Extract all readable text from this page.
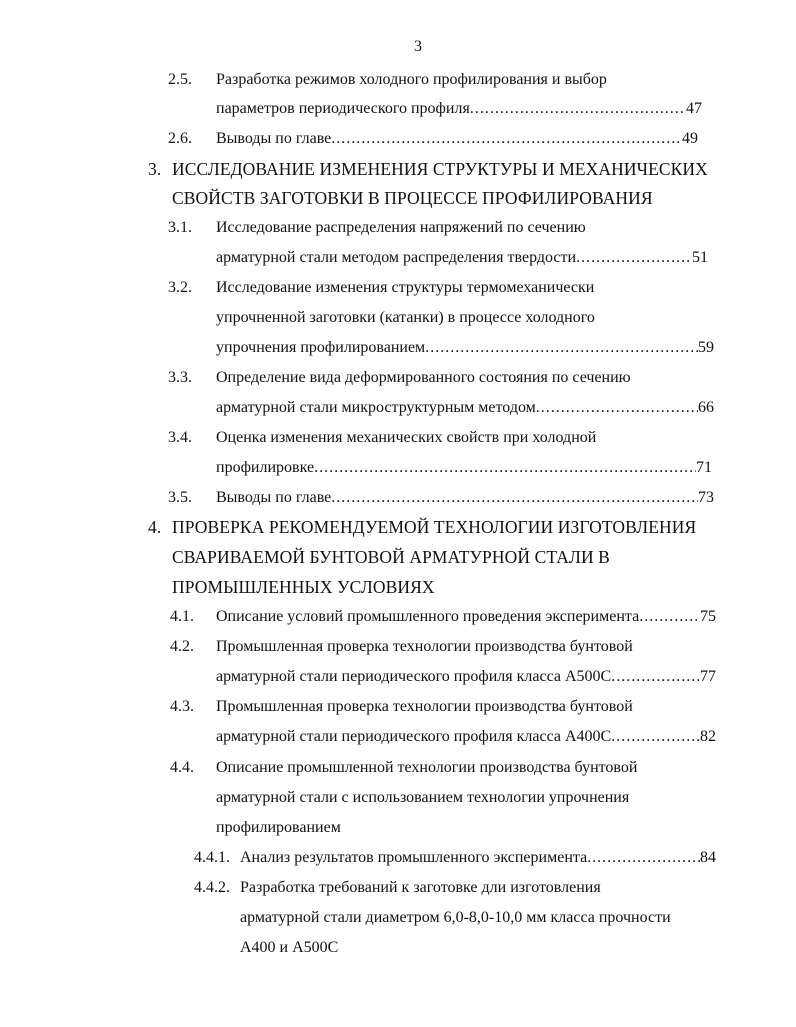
3
2.5. Разработка режимов холодного профилирования и выбор
параметров периодического профиля .....	47
2.6. Выводы по главе .....	49
3. ИССЛЕДОВАНИЕ ИЗМЕНЕНИЯ СТРУКТУРЫ И МЕХАНИЧЕСКИХ
СВОЙСТВ ЗАГОТОВКИ В ПРОЦЕССЕ ПРОФИЛИРОВАНИЯ
3.1. Исследование распределения напряжений по сечению
арматурной стали методом распределения твердости .....	51
3.2. Исследование изменения структуры термомеханически
упрочненной заготовки (катанки) в процессе холодного
упрочнения профилированием .....	59
3.3. Определение вида деформированного состояния по сечению
арматурной стали микроструктурным методом .....	66
3.4. Оценка изменения механических свойств при холодной
профилировке .....	71
3.5. Выводы по главе .....	73
4. ПРОВЕРКА РЕКОМЕНДУЕМОЙ ТЕХНОЛОГИИ ИЗГОТОВЛЕНИЯ
СВАРИВАЕМОЙ БУНТОВОЙ АРМАТУРНОЙ СТАЛИ В
ПРОМЫШЛЕННЫХ УСЛОВИЯХ
4.1. Описание условий промышленного проведения эксперимента .....	75
4.2. Промышленная проверка технологии производства бунтовой
арматурной стали периодического профиля класса А500С .....	77
4.3. Промышленная проверка технологии производства бунтовой
арматурной стали периодического профиля класса А400С .....	82
4.4. Описание промышленной технологии производства бунтовой
арматурной стали с использованием технологии упрочнения
профилированием
4.4.1. Анализ результатов промышленного эксперимента .....	84
4.4.2. Разработка требований к заготовке дли изготовления
арматурной стали диаметром 6,0-8,0-10,0 мм класса прочности
А400 и А500С
